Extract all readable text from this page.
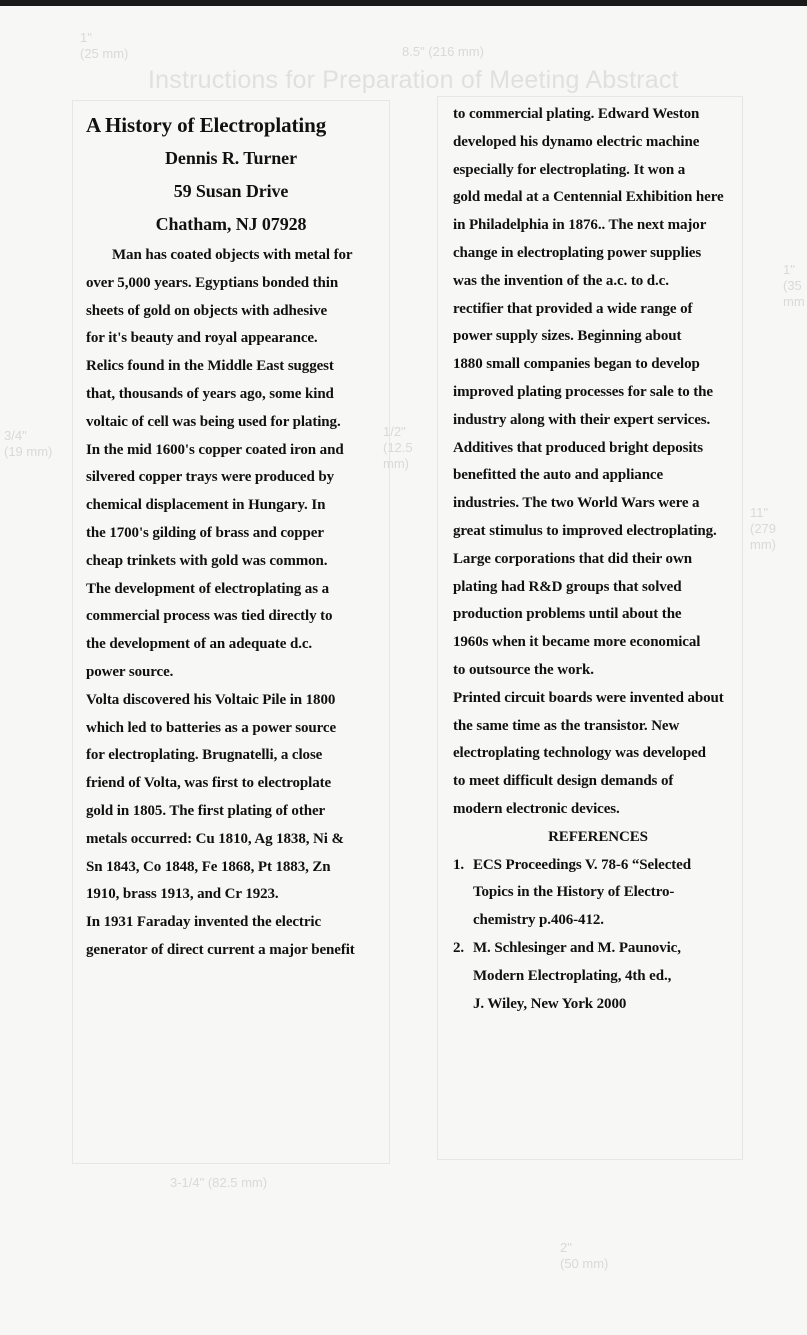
1"
(25 mm)	8.5" (216 mm)
Instructions for Preparation of Meeting Abstract
3/4"
(19 mm)
1/2"
(12.5
mm)
1"
(35
mm
11"
(279
mm)
3-1/4" (82.5 mm)
2"
(50 mm)

A History of Electroplating

Dennis R. Turner

59 Susan Drive

Chatham, NJ 07928

Man has coated objects with metal for

over 5,000 years. Egyptians bonded thin

sheets of gold on objects with adhesive

for it's beauty and royal appearance.

Relics found in the Middle East suggest

that, thousands of years ago, some kind

voltaic of cell was being used for plating.

In the mid 1600's copper coated iron and

silvered copper trays were produced by

chemical displacement in Hungary. In

the 1700's gilding of brass and copper

cheap trinkets with gold was common.

The development of electroplating as a

commercial process was tied directly to

the development of an adequate d.c.

power source.

Volta discovered his Voltaic Pile in 1800

which led to batteries as a power source

for electroplating. Brugnatelli, a close

friend of Volta, was first to electroplate

gold in 1805. The first plating of other

metals occurred: Cu 1810, Ag 1838, Ni &

Sn 1843, Co 1848, Fe 1868, Pt 1883, Zn

1910, brass 1913, and Cr 1923.

In 1931 Faraday invented the electric

generator of direct current a major benefit

to commercial plating. Edward Weston

developed his dynamo electric machine

especially for electroplating. It won a

gold medal at a Centennial Exhibition here

in Philadelphia in 1876.. The next major

change in electroplating power supplies

was the invention of the a.c. to d.c.

rectifier that provided a wide range of

power supply sizes. Beginning about

1880 small companies began to develop

improved plating processes for sale to the

industry along with their expert services.

Additives that produced bright deposits

benefitted the auto and appliance

industries. The two World Wars were a

great stimulus to improved electroplating.

Large corporations that did their own

plating had R&D groups that solved

production problems until about the

1960s when it became more economical

to outsource the work.

Printed circuit boards were invented about

the same time as the transistor. New

electroplating technology was developed

to meet difficult design demands of

modern electronic devices.

REFERENCES

1. ECS Proceedings V. 78-6 “Selected

Topics in the History of Electro-

chemistry p.406-412.

2. M. Schlesinger and M. Paunovic,

Modern Electroplating, 4th ed.,

J. Wiley, New York 2000
